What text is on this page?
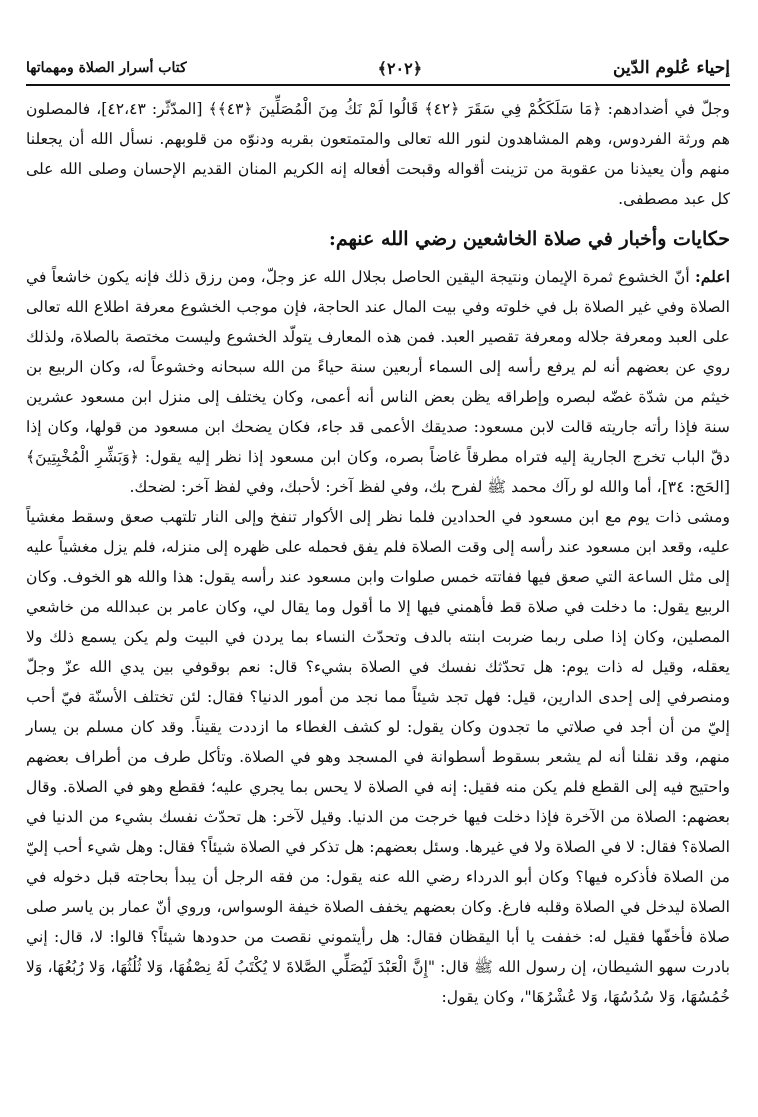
إحياء عُلوم الدّين
﴿٢٠٢﴾
كتاب أسرار الصلاة ومهماتها

وجلّ في أضدادهم: ﴿مَا سَلَكَكُمْ فِي سَقَرَ ﴿٤٢﴾ قَالُوا لَمْ نَكُ مِنَ الْمُصَلِّينَ ﴿٤٣﴾﴾ [المدّثّر: ٤٢،٤٣]، فالمصلون هم ورثة الفردوس، وهم المشاهدون لنور الله تعالى والمتمتعون بقربه ودنوّه من قلوبهم. نسأل الله أن يجعلنا منهم وأن يعيذنا من عقوبة من تزينت أقواله وقبحت أفعاله إنه الكريم المنان القديم الإحسان وصلى الله على كل عبد مصطفى.

حكايات وأخبار في صلاة الخاشعين رضي الله عنهم:

اعلم: أنّ الخشوع ثمرة الإيمان ونتيجة اليقين الحاصل بجلال الله عز وجلّ، ومن رزق ذلك فإنه يكون خاشعاً في الصلاة وفي غير الصلاة بل في خلوته وفي بيت المال عند الحاجة، فإن موجب الخشوع معرفة اطلاع الله تعالى على العبد ومعرفة جلاله ومعرفة تقصير العبد. فمن هذه المعارف يتولّد الخشوع وليست مختصة بالصلاة، ولذلك روي عن بعضهم أنه لم يرفع رأسه إلى السماء أربعين سنة حياءً من الله سبحانه وخشوعاً له، وكان الربيع بن خيثم من شدّة غضّه لبصره وإطراقه يظن بعض الناس أنه أعمى، وكان يختلف إلى منزل ابن مسعود عشرين سنة فإذا رأته جاريته قالت لابن مسعود: صديقك الأعمى قد جاء، فكان يضحك ابن مسعود من قولها، وكان إذا دقّ الباب تخرج الجارية إليه فتراه مطرقاً غاضاً بصره، وكان ابن مسعود إذا نظر إليه يقول: ﴿وَبَشِّرِ الْمُخْبِتِينَ﴾ [الحَج: ٣٤]، أما والله لو رآك محمد ﷺ لفرح بك، وفي لفظ آخر: لأحبك، وفي لفظ آخر: لضحك.

ومشى ذات يوم مع ابن مسعود في الحدادين فلما نظر إلى الأكوار تنفخ وإلى النار تلتهب صعق وسقط مغشياً عليه، وقعد ابن مسعود عند رأسه إلى وقت الصلاة فلم يفق فحمله على ظهره إلى منزله، فلم يزل مغشياً عليه إلى مثل الساعة التي صعق فيها ففاتته خمس صلوات وابن مسعود عند رأسه يقول: هذا والله هو الخوف. وكان الربيع يقول: ما دخلت في صلاة قط فأهمني فيها إلا ما أقول وما يقال لي، وكان عامر بن عبدالله من خاشعي المصلين، وكان إذا صلى ربما ضربت ابنته بالدف وتحدّث النساء بما يردن في البيت ولم يكن يسمع ذلك ولا يعقله، وقيل له ذات يوم: هل تحدّثك نفسك في الصلاة بشيء؟ قال: نعم بوقوفي بين يدي الله عزّ وجلّ ومنصرفي إلى إحدى الدارين، قيل: فهل تجد شيئاً مما نجد من أمور الدنيا؟ فقال: لئن تختلف الأسنّة فيّ أحب إليّ من أن أجد في صلاتي ما تجدون وكان يقول: لو كشف الغطاء ما ازددت يقيناً. وقد كان مسلم بن يسار منهم، وقد نقلنا أنه لم يشعر بسقوط أسطوانة في المسجد وهو في الصلاة. وتأكل طرف من أطراف بعضهم واحتيج فيه إلى القطع فلم يكن منه فقيل: إنه في الصلاة لا يحس بما يجري عليه؛ فقطع وهو في الصلاة. وقال بعضهم: الصلاة من الآخرة فإذا دخلت فيها خرجت من الدنيا. وقيل لآخر: هل تحدّث نفسك بشيء من الدنيا في الصلاة؟ فقال: لا في الصلاة ولا في غيرها. وسئل بعضهم: هل تذكر في الصلاة شيئاً؟ فقال: وهل شيء أحب إليّ من الصلاة فأذكره فيها؟ وكان أبو الدرداء رضي الله عنه يقول: من فقه الرجل أن يبدأ بحاجته قبل دخوله في الصلاة ليدخل في الصلاة وقلبه فارغ. وكان بعضهم يخفف الصلاة خيفة الوسواس، وروي أنّ عمار بن ياسر صلى صلاة فأخفّها فقيل له: خففت يا أبا اليقظان فقال: هل رأيتموني نقصت من حدودها شيئاً؟ قالوا: لا، قال: إني بادرت سهو الشيطان، إن رسول الله ﷺ قال: "إِنَّ الْعَبْدَ لَيُصَلِّي الصَّلاةَ لا يُكْتَبُ لَهُ نِصْفُهَا، وَلا ثُلُثُهَا، وَلا رُبُعُهَا، وَلا خُمُسُهَا، وَلا سُدُسُهَا، وَلا عُشْرُهَا"، وكان يقول:
